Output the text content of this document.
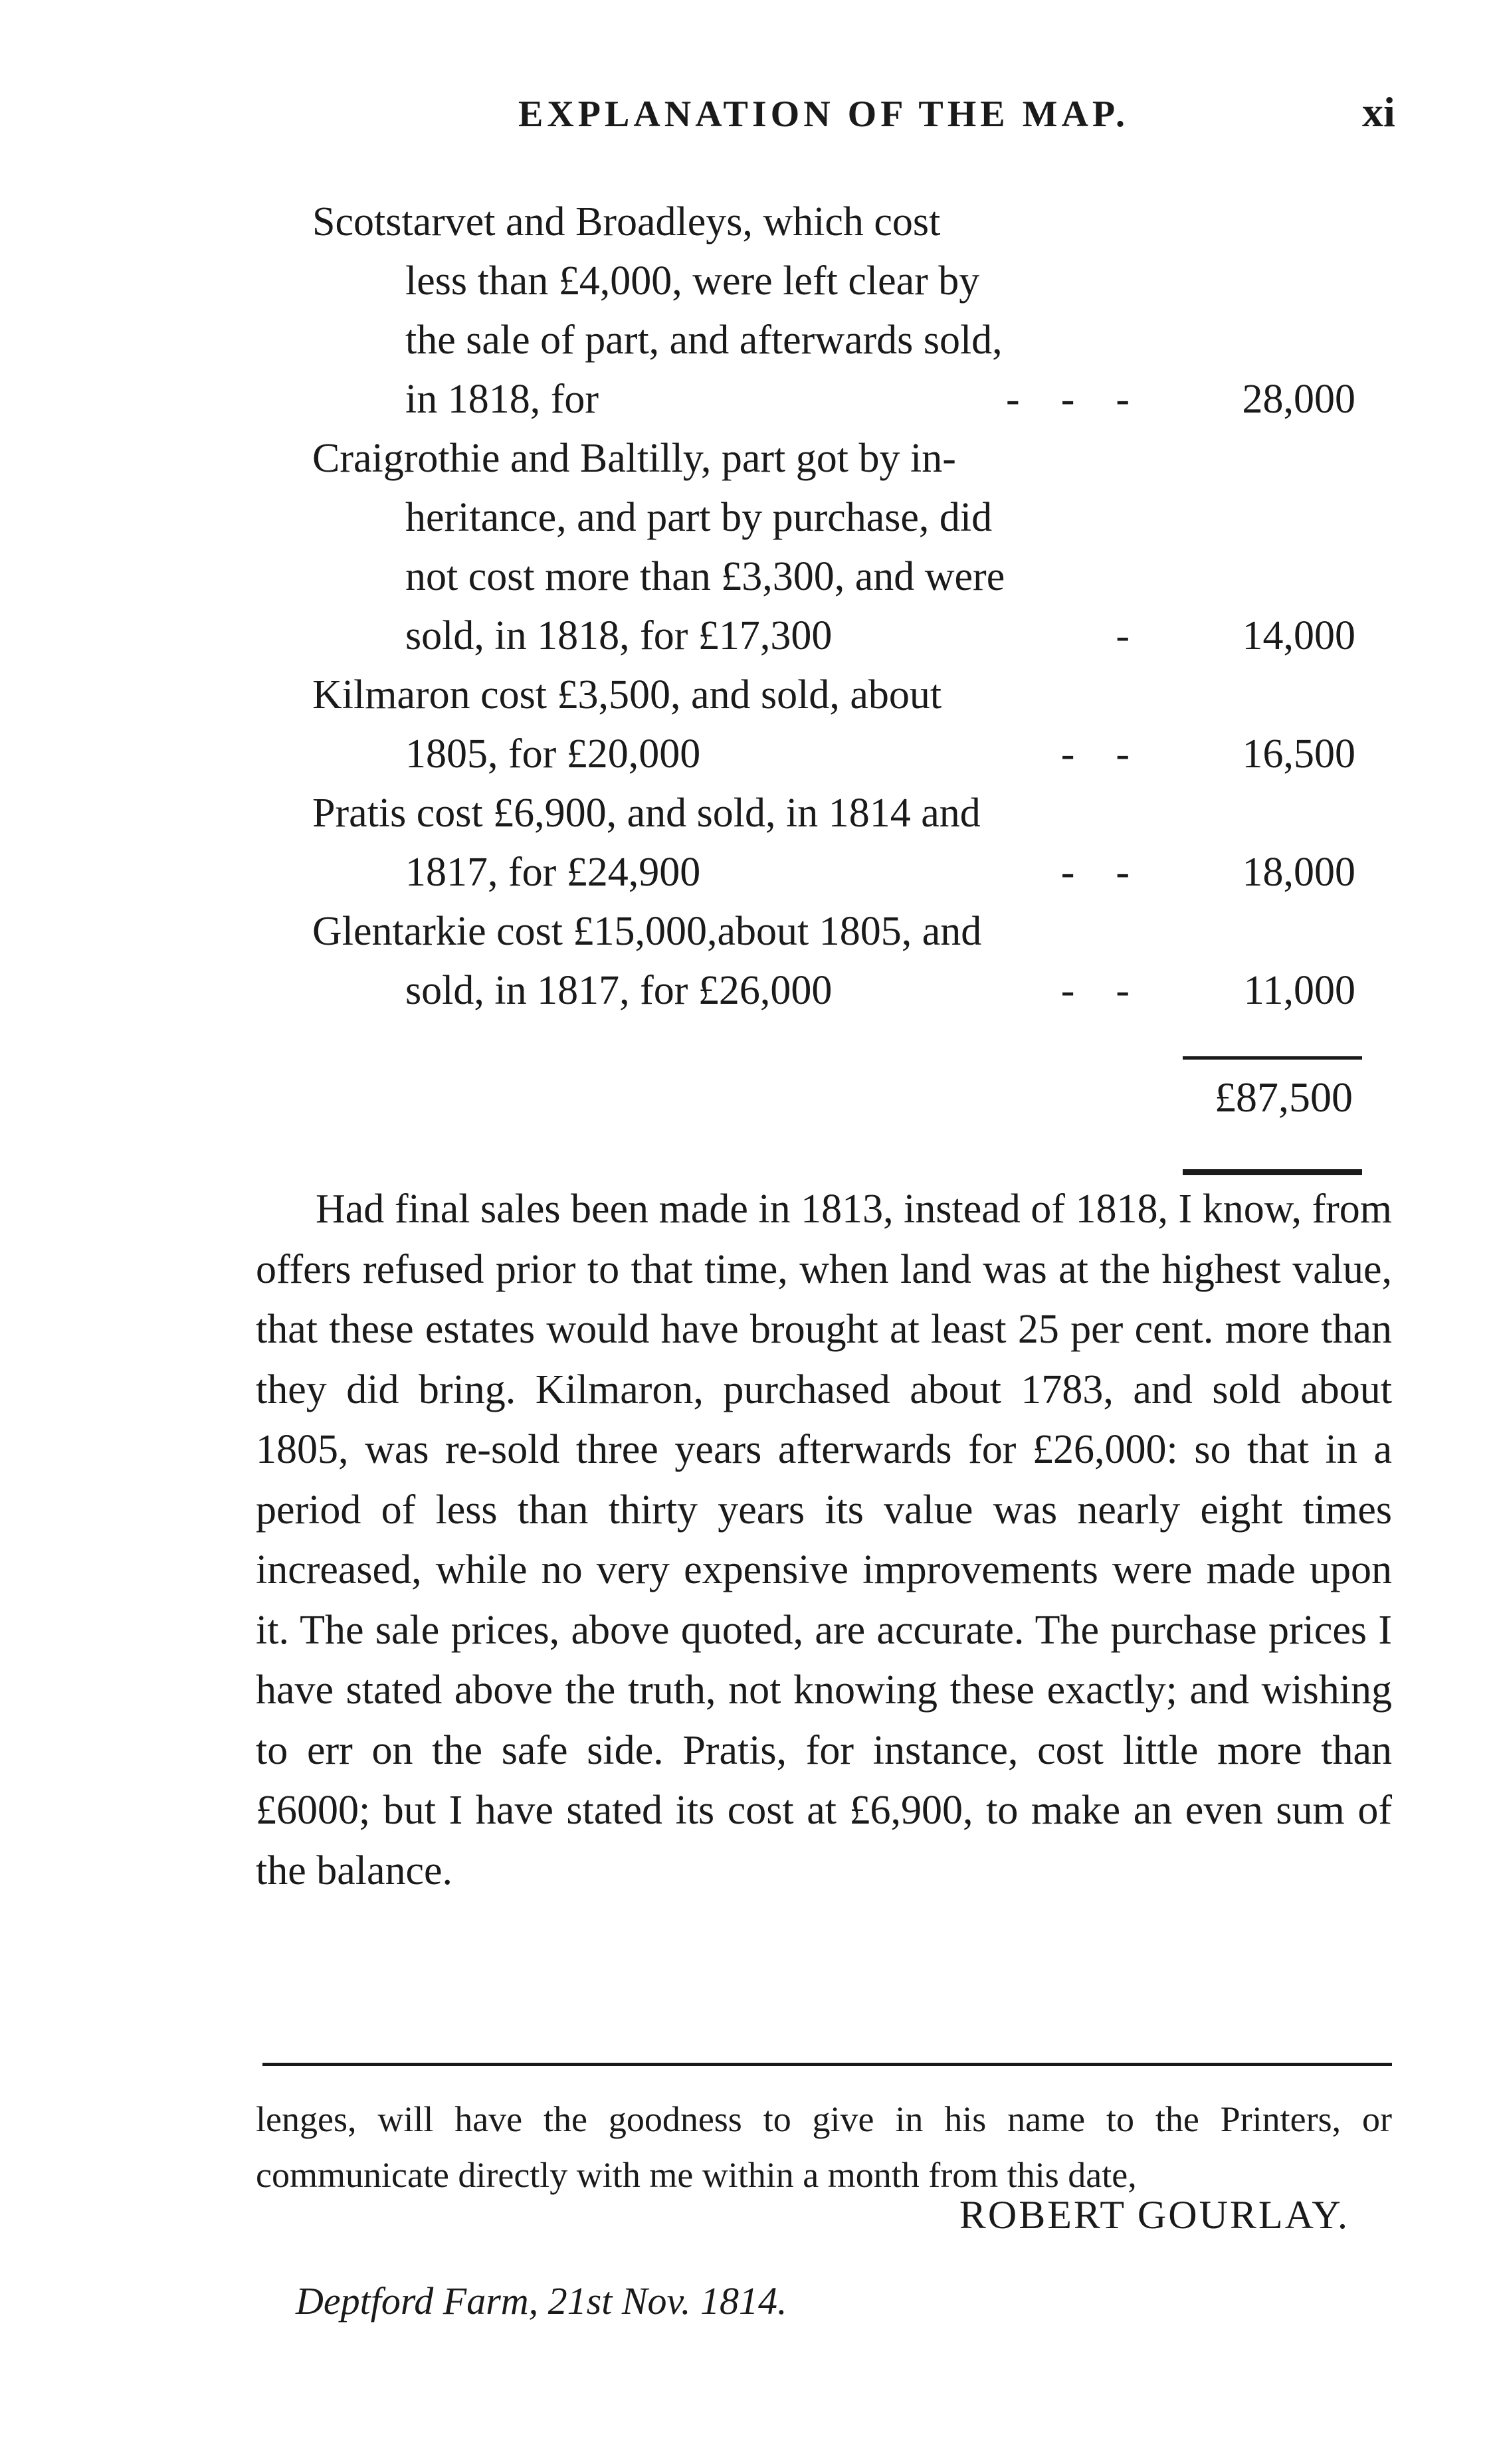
EXPLANATION OF THE MAP.	xi
Scotstarvet and Broadleys, which cost
less than £4,000, were left clear by
the sale of part, and afterwards sold,
in 1818, for	-    -    -	28,000
Craigrothie and Baltilly, part got by in-
heritance, and part by purchase, did
not cost more than £3,300, and were
sold, in 1818, for £17,300	-	14,000
Kilmaron cost £3,500, and sold, about
1805, for £20,000	-    -	16,500
Pratis cost £6,900, and sold, in 1814 and
1817, for £24,900	-    -	18,000
Glentarkie cost £15,000,about 1805, and
sold, in 1817, for £26,000	-    -	11,000
£87,500

Had final sales been made in 1813, instead of 1818, I know, from offers refused prior to that time, when land was at the highest value, that these estates would have brought at least 25 per cent. more than they did bring. Kilmaron, purchased about 1783, and sold about 1805, was re-sold three years afterwards for £26,000: so that in a period of less than thirty years its value was nearly eight times increased, while no very expensive improvements were made upon it. The sale prices, above quoted, are accurate. The purchase prices I have stated above the truth, not knowing these exactly; and wishing to err on the safe side. Pratis, for instance, cost little more than £6000; but I have stated its cost at £6,900, to make an even sum of the balance.

lenges, will have the goodness to give in his name to the Printers, or communicate directly with me within a month from this date,

ROBERT GOURLAY.
Deptford Farm, 21st Nov. 1814.
